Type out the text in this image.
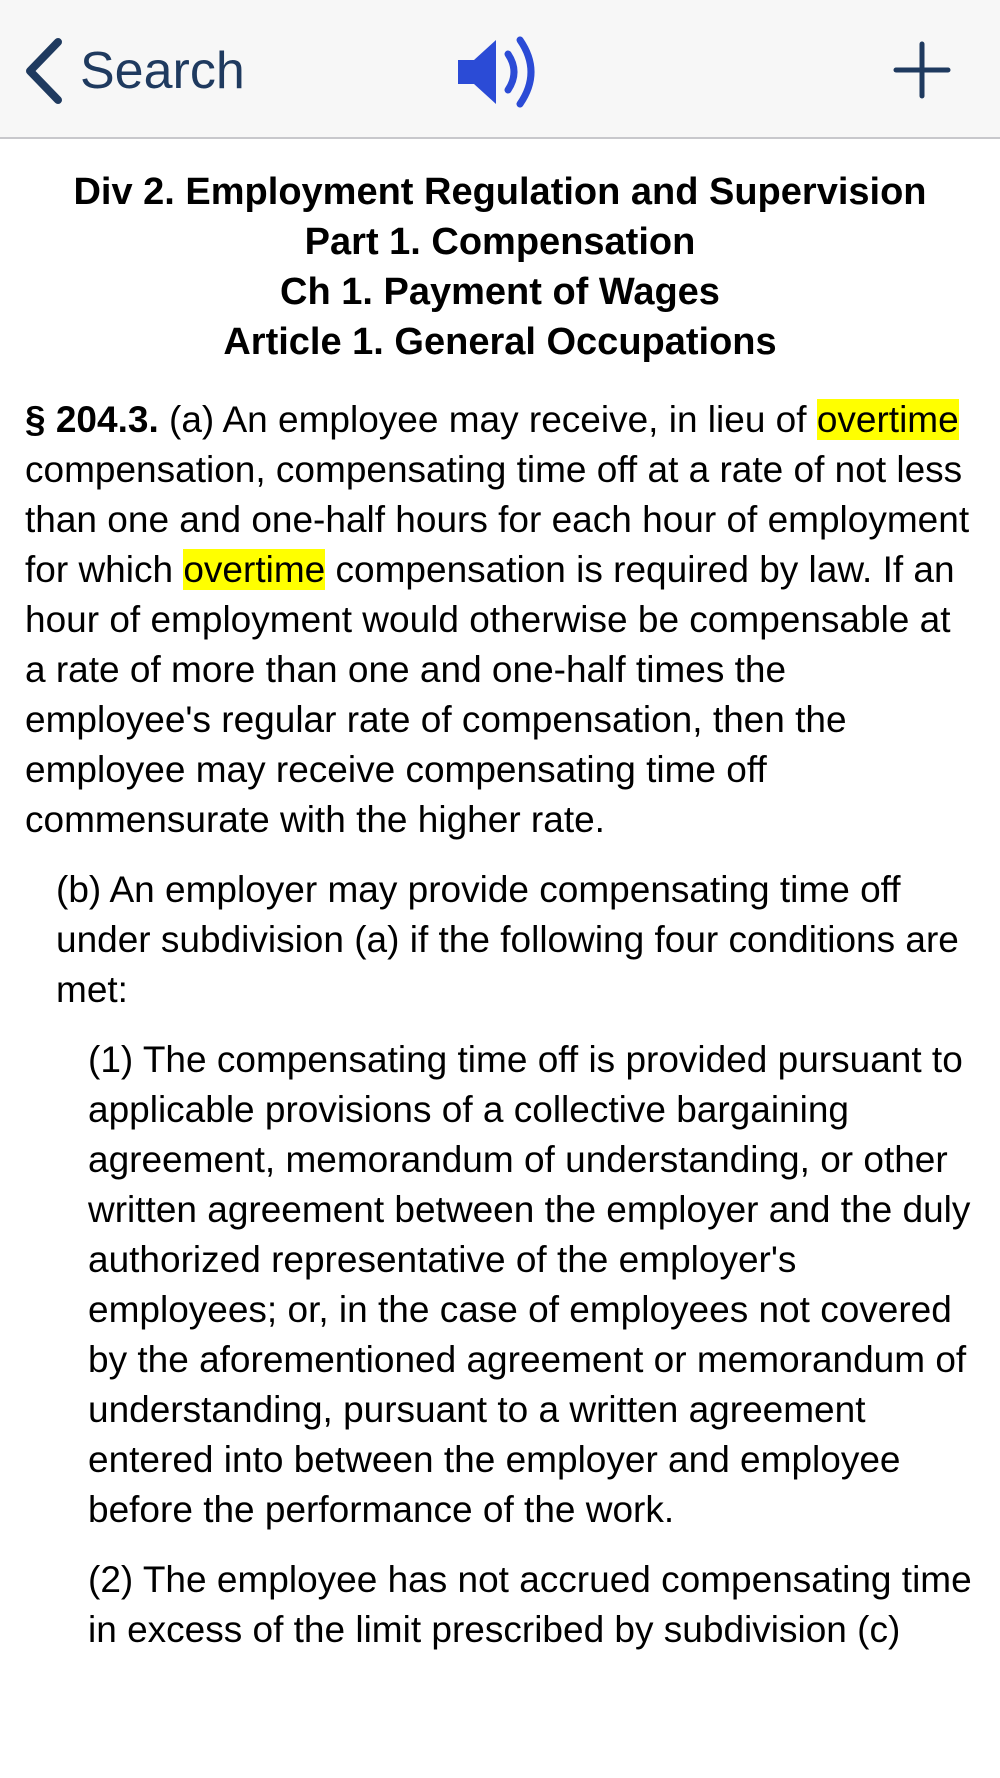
Search
Div 2. Employment Regulation and Supervision
Part 1. Compensation
Ch 1. Payment of Wages
Article 1. General Occupations
§ 204.3. (a) An employee may receive, in lieu of overtime compensation, compensating time off at a rate of not less than one and one-half hours for each hour of employment for which overtime compensation is required by law. If an hour of employment would otherwise be compensable at a rate of more than one and one-half times the employee's regular rate of compensation, then the employee may receive compensating time off commensurate with the higher rate.
(b) An employer may provide compensating time off under subdivision (a) if the following four conditions are met:
(1) The compensating time off is provided pursuant to applicable provisions of a collective bargaining agreement, memorandum of understanding, or other written agreement between the employer and the duly authorized representative of the employer's employees; or, in the case of employees not covered by the aforementioned agreement or memorandum of understanding, pursuant to a written agreement entered into between the employer and employee before the performance of the work.
(2) The employee has not accrued compensating time in excess of the limit prescribed by subdivision (c)
